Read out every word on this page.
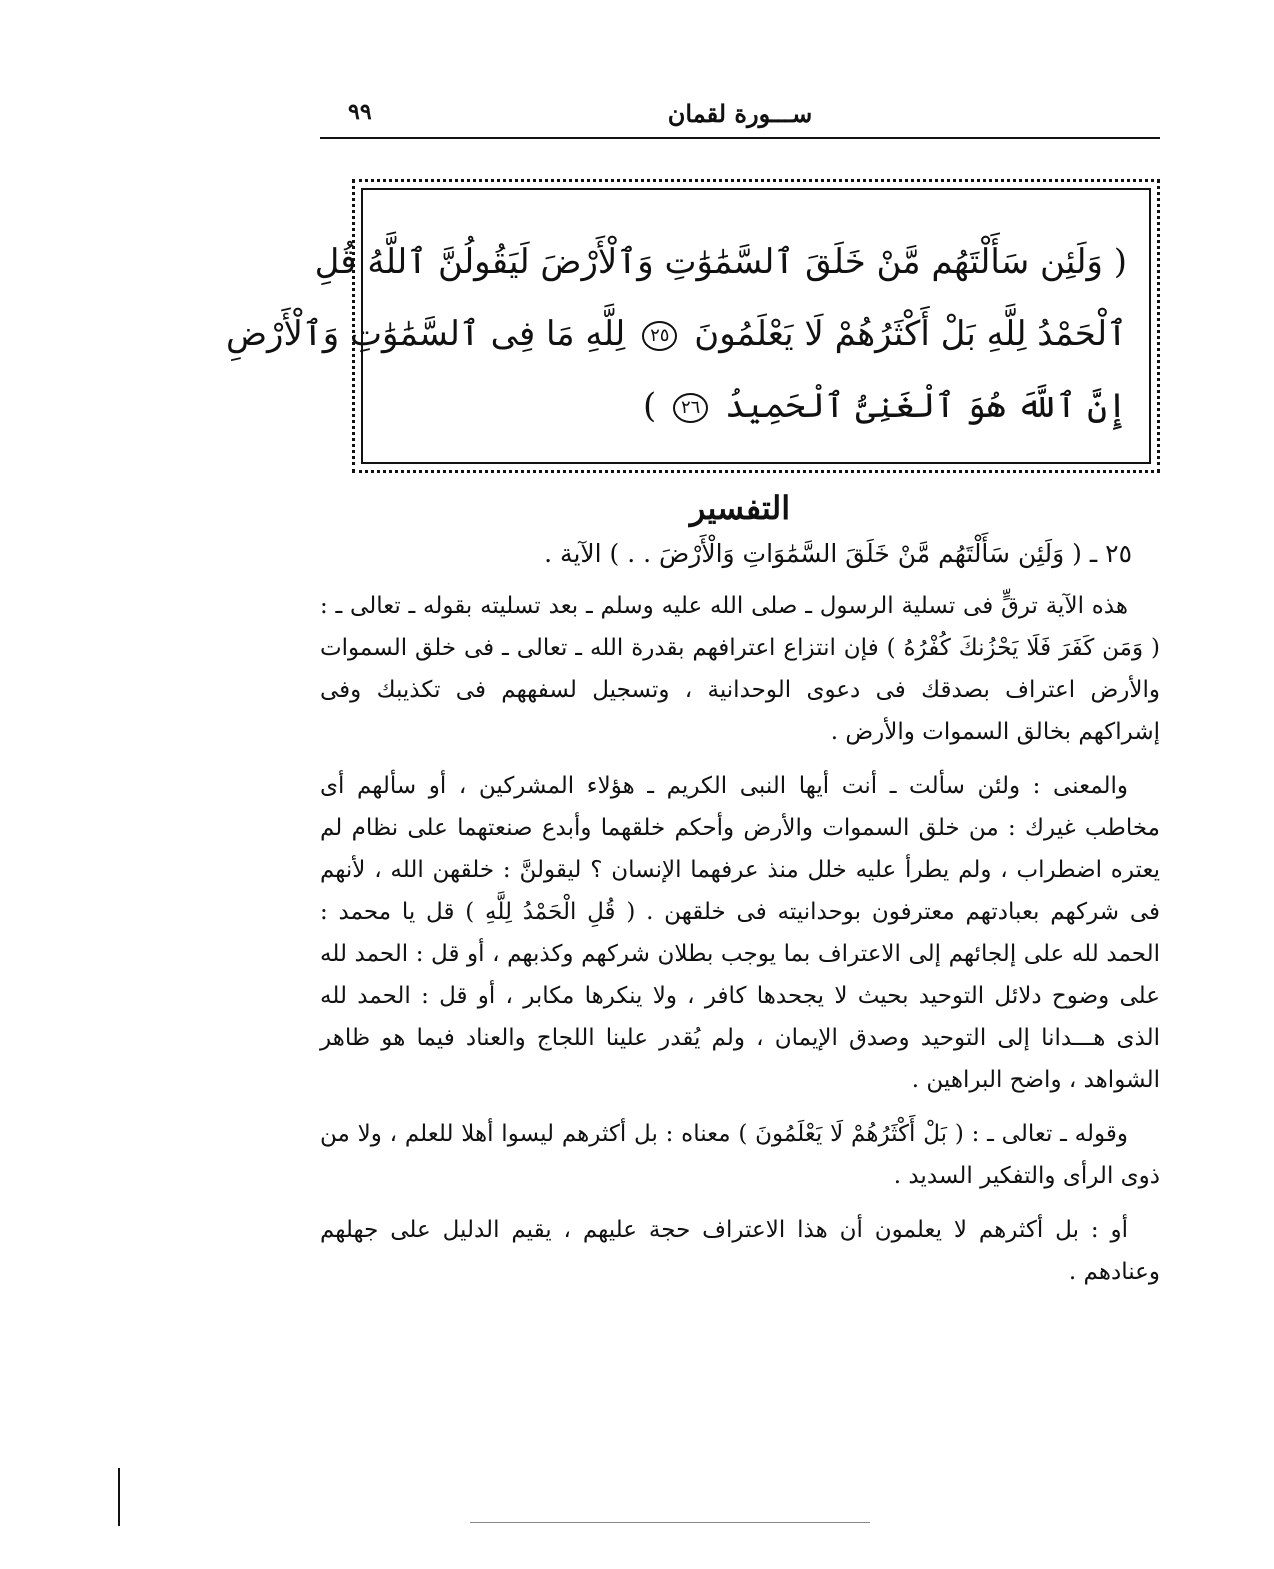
ســـورة لقمان
٩٩
( وَلَئِن سَأَلْتَهُم مَّنْ خَلَقَ ٱلسَّمَٰوَٰتِ وَٱلْأَرْضَ لَيَقُولُنَّ ٱللَّهُ قُلِ
ٱلْحَمْدُ لِلَّهِ بَلْ أَكْثَرُهُمْ لَا يَعْلَمُونَ ٢٥ لِلَّهِ مَا فِى ٱلسَّمَٰوَٰتِ وَٱلْأَرْضِ
إِنَّ ٱللَّهَ هُوَ ٱلْغَنِىُّ ٱلْحَمِيدُ ٢٦ )
التفسير
٢٥ ـ ( وَلَئِن سَأَلْتَهُم مَّنْ خَلَقَ السَّمَٰوَاتِ وَالْأَرْضَ . . ) الآية .

هذه الآية ترقٍّ فى تسلية الرسول ـ صلى الله عليه وسلم ـ بعد تسليته بقوله ـ تعالى ـ : ( وَمَن كَفَرَ فَلَا يَحْزُنكَ كُفْرُهُ ) فإن انتزاع اعترافهم بقدرة الله ـ تعالى ـ فى خلق السموات والأرض اعتراف بصدقك فى دعوى الوحدانية ، وتسجيل لسفههم فى تكذيبك وفى إشراكهم بخالق السموات والأرض .

والمعنى : ولئن سألت ـ أنت أيها النبى الكريم ـ هؤلاء المشركين ، أو سألهم أى مخاطب غيرك : من خلق السموات والأرض وأحكم خلقهما وأبدع صنعتهما على نظام لم يعتره اضطراب ، ولم يطرأ عليه خلل منذ عرفهما الإنسان ؟ ليقولنَّ : خلقهن الله ، لأنهم فى شركهم بعبادتهم معترفون بوحدانيته فى خلقهن . ( قُلِ الْحَمْدُ لِلَّهِ ) قل يا محمد : الحمد لله على إلجائهم إلى الاعتراف بما يوجب بطلان شركهم وكذبهم ، أو قل : الحمد لله على وضوح دلائل التوحيد بحيث لا يجحدها كافر ، ولا ينكرها مكابر ، أو قل : الحمد لله الذى هـــدانا إلى التوحيد وصدق الإيمان ، ولم يُقدر علينا اللجاج والعناد فيما هو ظاهر الشواهد ، واضح البراهين .

وقوله ـ تعالى ـ : ( بَلْ أَكْثَرُهُمْ لَا يَعْلَمُونَ ) معناه : بل أكثرهم ليسوا أهلا للعلم ، ولا من ذوى الرأى والتفكير السديد .

أو : بل أكثرهم لا يعلمون أن هذا الاعتراف حجة عليهم ، يقيم الدليل على جهلهم وعنادهم .
